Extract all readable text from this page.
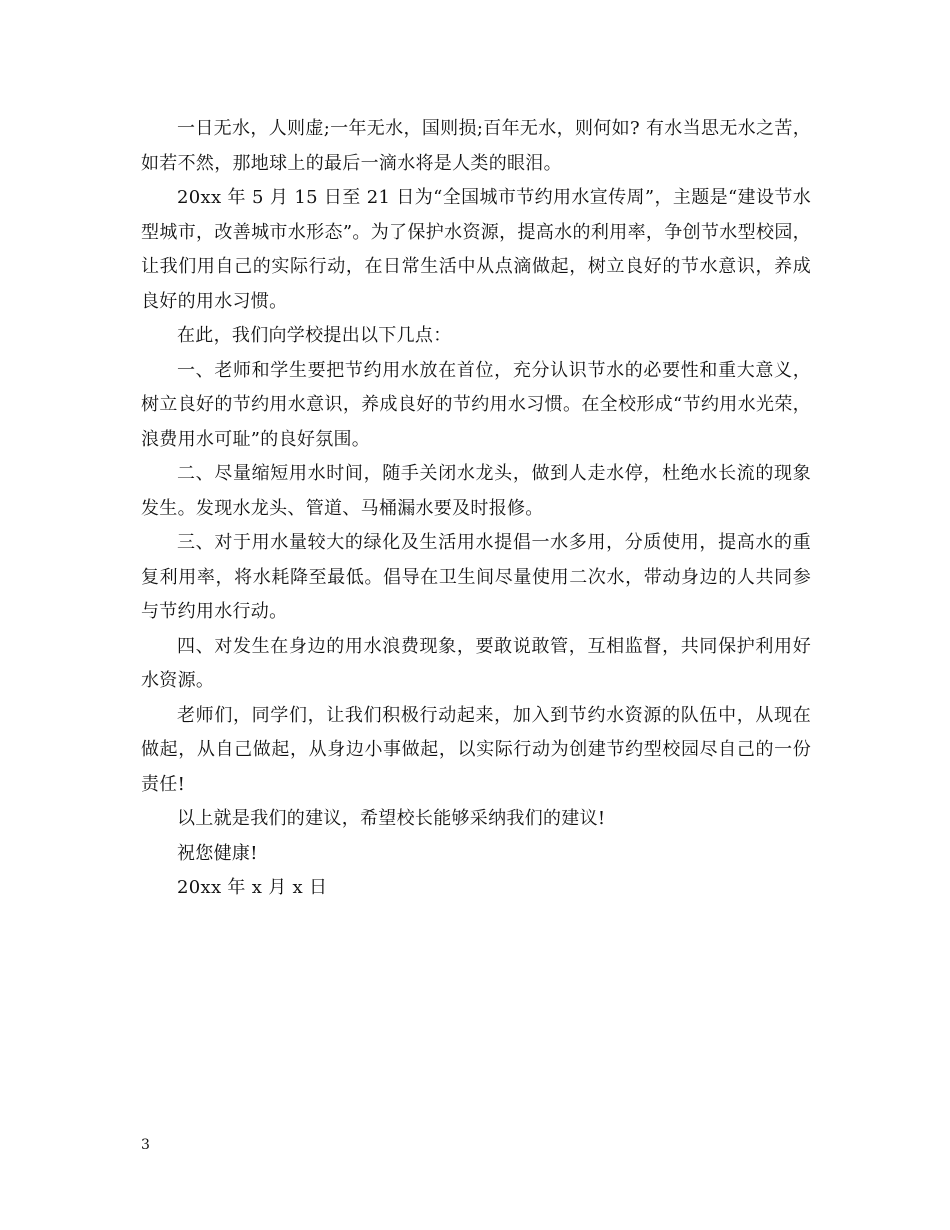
一日无水，人则虚;一年无水，国则损;百年无水，则何如? 有水当思无水之苦，如若不然，那地球上的最后一滴水将是人类的眼泪。

20xx 年 5 月 15 日至 21 日为“全国城市节约用水宣传周”，主题是“建设节水型城市，改善城市水形态”。为了保护水资源，提高水的利用率，争创节水型校园，让我们用自己的实际行动，在日常生活中从点滴做起，树立良好的节水意识，养成良好的用水习惯。

在此，我们向学校提出以下几点：

一、老师和学生要把节约用水放在首位，充分认识节水的必要性和重大意义，树立良好的节约用水意识，养成良好的节约用水习惯。在全校形成“节约用水光荣，浪费用水可耻”的良好氛围。

二、尽量缩短用水时间，随手关闭水龙头，做到人走水停，杜绝水长流的现象发生。发现水龙头、管道、马桶漏水要及时报修。

三、对于用水量较大的绿化及生活用水提倡一水多用，分质使用，提高水的重复利用率，将水耗降至最低。倡导在卫生间尽量使用二次水，带动身边的人共同参与节约用水行动。

四、对发生在身边的用水浪费现象，要敢说敢管，互相监督，共同保护利用好水资源。

老师们，同学们，让我们积极行动起来，加入到节约水资源的队伍中，从现在做起，从自己做起，从身边小事做起，以实际行动为创建节约型校园尽自己的一份责任!

以上就是我们的建议，希望校长能够采纳我们的建议!

祝您健康!

20xx 年 x 月 x 日

3
